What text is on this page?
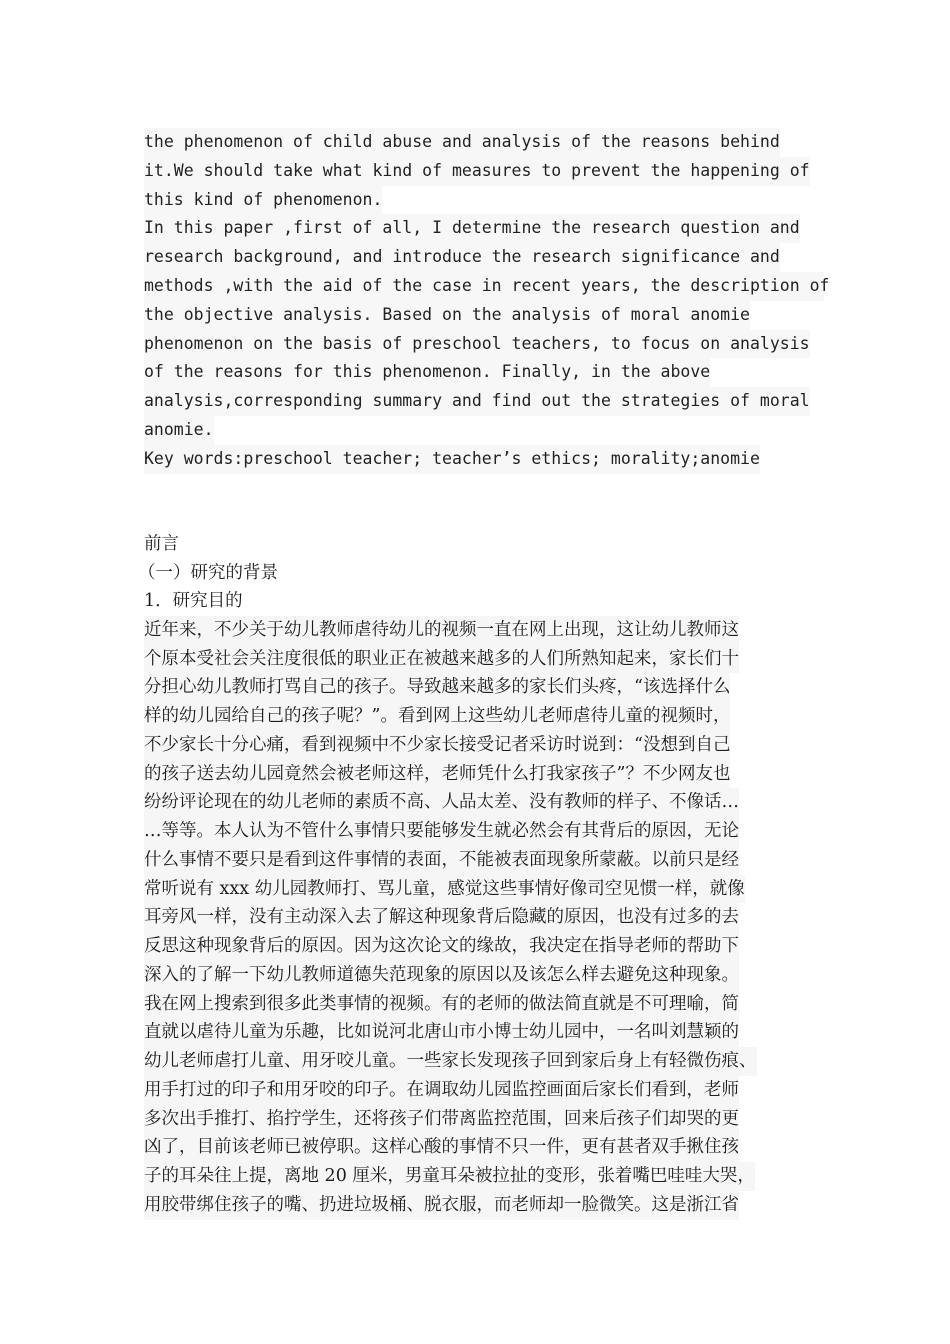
the phenomenon of child abuse and analysis of the reasons behind
it.We should take what kind of measures to prevent the happening of
this kind of phenomenon.
In this paper ,first of all, I determine the research question and
research background, and introduce the research significance and
methods ,with the aid of the case in recent years, the description of
the objective analysis. Based on the analysis of moral anomie
phenomenon on the basis of preschool teachers, to focus on analysis
of the reasons for this phenomenon. Finally, in the above
analysis,corresponding summary and find out the strategies of moral
anomie.
Key words:preschool teacher; teacher’s ethics; morality;anomie
前言
（一）研究的背景
1．研究目的
近年来，不少关于幼儿教师虐待幼儿的视频一直在网上出现，这让幼儿教师这
个原本受社会关注度很低的职业正在被越来越多的人们所熟知起来，家长们十
分担心幼儿教师打骂自己的孩子。导致越来越多的家长们头疼，“该选择什么
样的幼儿园给自己的孩子呢？”。看到网上这些幼儿老师虐待儿童的视频时，
不少家长十分心痛，看到视频中不少家长接受记者采访时说到：“没想到自己
的孩子送去幼儿园竟然会被老师这样，老师凭什么打我家孩子”？不少网友也
纷纷评论现在的幼儿老师的素质不高、人品太差、没有教师的样子、不像话…
…等等。本人认为不管什么事情只要能够发生就必然会有其背后的原因，无论
什么事情不要只是看到这件事情的表面，不能被表面现象所蒙蔽。以前只是经
常听说有 xxx 幼儿园教师打、骂儿童，感觉这些事情好像司空见惯一样，就像
耳旁风一样，没有主动深入去了解这种现象背后隐藏的原因，也没有过多的去
反思这种现象背后的原因。因为这次论文的缘故，我决定在指导老师的帮助下
深入的了解一下幼儿教师道德失范现象的原因以及该怎么样去避免这种现象。
我在网上搜索到很多此类事情的视频。有的老师的做法简直就是不可理喻，简
直就以虐待儿童为乐趣，比如说河北唐山市小博士幼儿园中，一名叫刘慧颖的
幼儿老师虐打儿童、用牙咬儿童。一些家长发现孩子回到家后身上有轻微伤痕、
用手打过的印子和用牙咬的印子。在调取幼儿园监控画面后家长们看到，老师
多次出手推打、掐拧学生，还将孩子们带离监控范围，回来后孩子们却哭的更
凶了，目前该老师已被停职。这样心酸的事情不只一件，更有甚者双手揪住孩
子的耳朵往上提，离地 20 厘米，男童耳朵被拉扯的变形，张着嘴巴哇哇大哭，
用胶带绑住孩子的嘴、扔进垃圾桶、脱衣服，而老师却一脸微笑。这是浙江省
